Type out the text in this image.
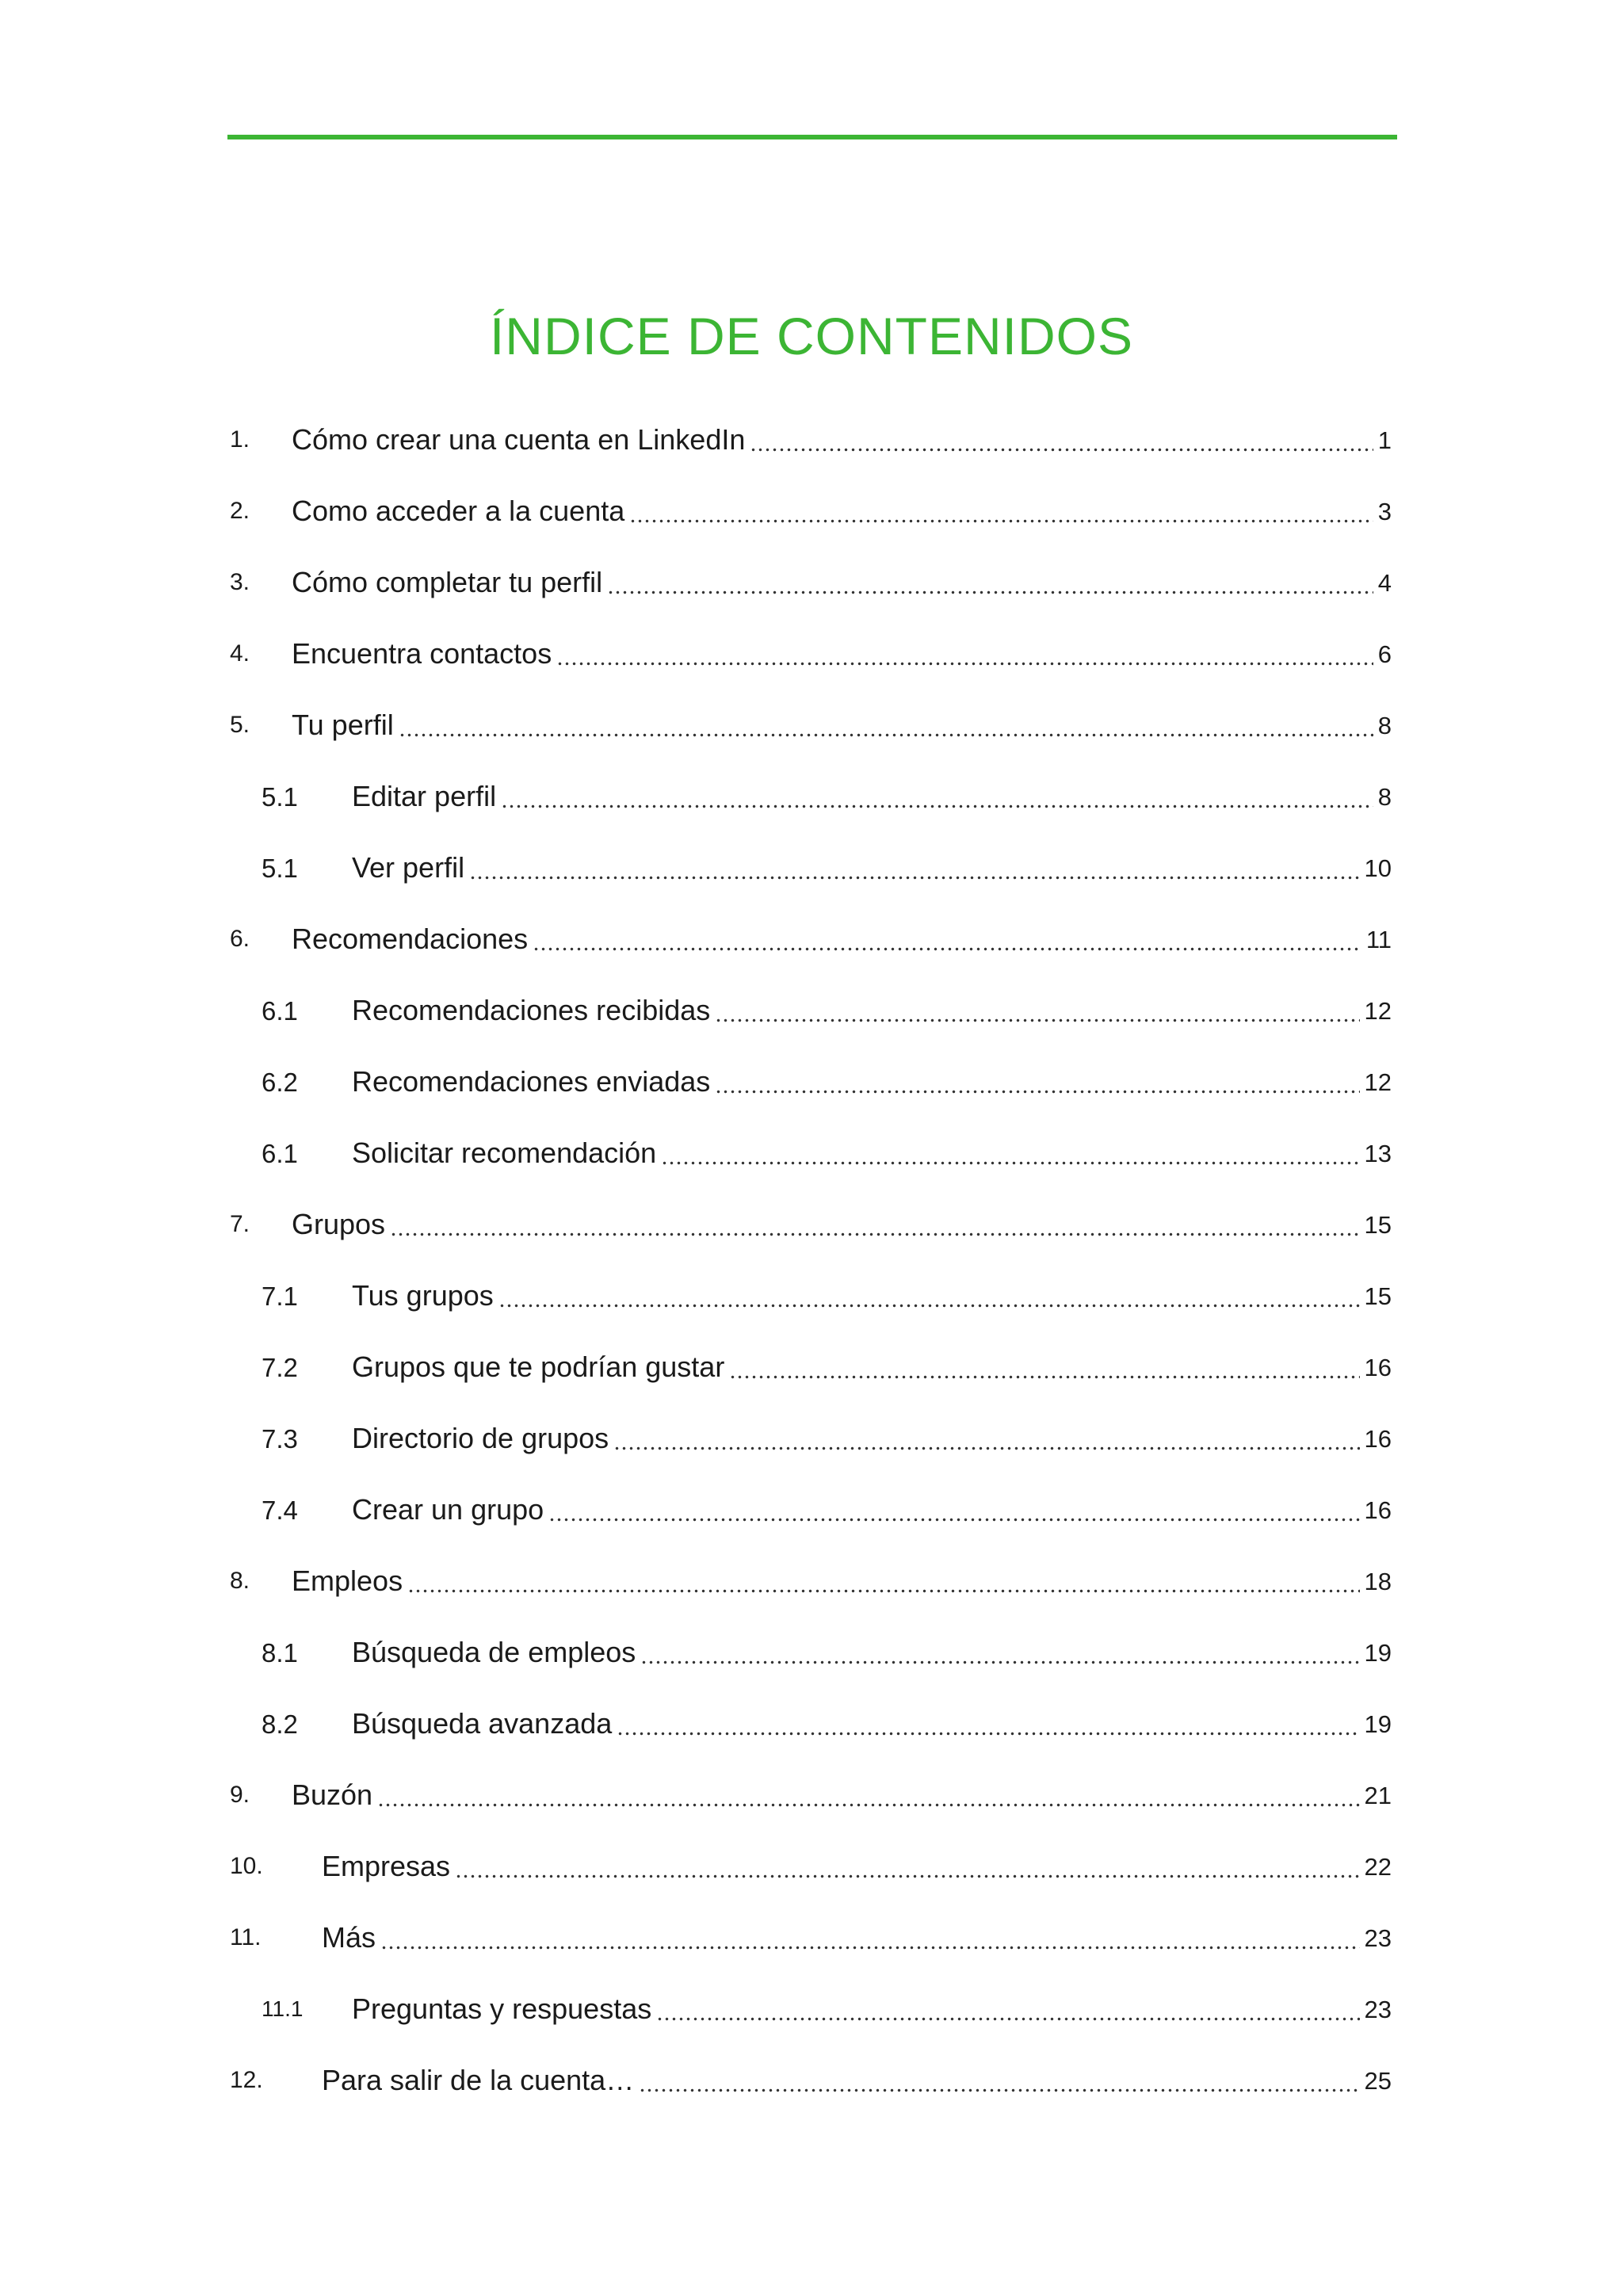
ÍNDICE DE CONTENIDOS
1.	Cómo crear una cuenta en LinkedIn	1
2.	Como acceder a la cuenta	3
3.	Cómo completar tu perfil	4
4.	Encuentra contactos	6
5.	Tu perfil	8
5.1	Editar perfil	8
5.1	Ver perfil	10
6.	Recomendaciones	11
6.1	Recomendaciones recibidas	12
6.2	Recomendaciones enviadas	12
6.1	Solicitar recomendación	13
7.	Grupos	15
7.1	Tus grupos	15
7.2	Grupos que te podrían gustar	16
7.3	Directorio de grupos	16
7.4	Crear un grupo	16
8.	Empleos	18
8.1	Búsqueda de empleos	19
8.2	Búsqueda avanzada	19
9.	Buzón	21
10.	Empresas	22
11.	Más	23
11.1	Preguntas y respuestas	23
12.	Para salir de la cuenta…	25
